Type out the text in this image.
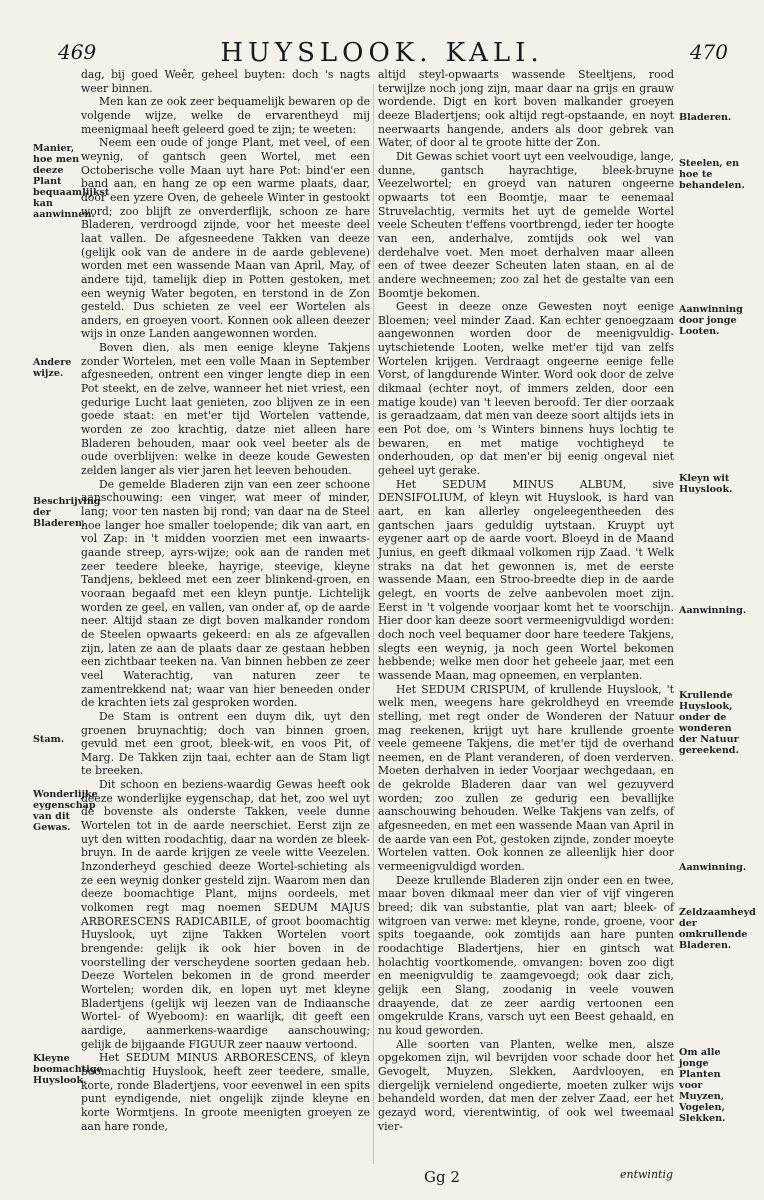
469	HUYSLOOK. KALI.	470
Manier, hoe men deeze Plant bequaamlijkst kan aanwinnen.
Andere wijze.
Beschrijving der Bladeren.
Stam.
Wonderlijke eygenschap van dit Gewas.
Kleyne boomachtige Huyslook.
Bladeren.
Steelen, en hoe te behandelen.
Aanwinning door jonge Looten.
Kleyn wit Huyslook.
Aanwinning.
Krullende Huyslook, onder de wonderen der Natuur gereekend.
Aanwinning.
Zeldzaamheyd der omkrullende Bladeren.
Om alle jonge Planten voor Muyzen, Vogelen, Slekken.

dag, bij goed Weêr, geheel buyten: doch 's nagts weer binnen.

Men kan ze ook zeer bequamelijk bewaren op de volgende wijze, welke de ervarentheyd mij meenigmaal heeft geleerd goed te zijn; te weeten:

Neem een oude of jonge Plant, met veel, of een weynig, of gantsch geen Wortel, met een Octoberische volle Maan uyt hare Pot: bind'er een band aan, en hang ze op een warme plaats, daar, door een yzere Oven, de geheele Winter in gestookt word; zoo blijft ze onverderflijk, schoon ze hare Bladeren, verdroogd zijnde, voor het meeste deel laat vallen. De afgesneedene Takken van deeze (gelijk ook van de andere in de aarde geblevene) worden met een wassende Maan van April, May, of andere tijd, tamelijk diep in Potten gestoken, met een weynig Water begoten, en terstond in de Zon gesteld. Dus schieten ze veel eer Wortelen als anders, en groeyen voort. Konnen ook alleen deezer wijs in onze Landen aangewonnen worden.

Boven dien, als men eenige kleyne Takjens zonder Wortelen, met een volle Maan in September afgesneeden, ontrent een vinger lengte diep in een Pot steekt, en de zelve, wanneer het niet vriest, een gedurige Lucht laat genieten, zoo blijven ze in een goede staat: en met'er tijd Wortelen vattende, worden ze zoo krachtig, datze niet alleen hare Bladeren behouden, maar ook veel beeter als de oude overblijven: welke in deeze koude Gewesten zelden langer als vier jaren het leeven behouden.

De gemelde Bladeren zijn van een zeer schoone aanschouwing: een vinger, wat meer of minder, lang; voor ten nasten bij rond; van daar na de Steel hoe langer hoe smaller toelopende; dik van aart, en vol Zap: in 't midden voorzien met een inwaarts-gaande streep, ayrs-wijze; ook aan de randen met zeer teedere bleeke, hayrige, steevige, kleyne Tandjens, bekleed met een zeer blinkend-groen, en vooraan begaafd met een kleyn puntje. Lichtelijk worden ze geel, en vallen, van onder af, op de aarde neer. Altijd staan ze digt boven malkander rondom de Steelen opwaarts gekeerd: en als ze afgevallen zijn, laten ze aan de plaats daar ze gestaan hebben een zichtbaar teeken na. Van binnen hebben ze zeer veel Waterachtig, van naturen zeer te zamentrekkend nat; waar van hier beneeden onder de krachten iets zal gesproken worden.

De Stam is ontrent een duym dik, uyt den groenen bruynachtig; doch van binnen groen, gevuld met een groot, bleek-wit, en voos Pit, of Marg. De Takken zijn taai, echter aan de Stam ligt te breeken.

Dit schoon en beziens-waardig Gewas heeft ook deeze wonderlijke eygenschap, dat het, zoo wel uyt de bovenste als onderste Takken, veele dunne Wortelen tot in de aarde neerschiet. Eerst zijn ze uyt den witten roodachtig, daar na worden ze bleek-bruyn. In de aarde krijgen ze veele witte Veezelen. Inzonderheyd geschied deeze Wortel-schieting als ze een weynig donker gesteld zijn. Waarom men dan deeze boomachtige Plant, mijns oordeels, met volkomen regt mag noemen SEDUM MAJUS ARBORESCENS RADICABILE, of groot boomachtig Huyslook, uyt zijne Takken Wortelen voort brengende: gelijk ik ook hier boven in de voorstelling der verscheydene soorten gedaan heb. Deeze Wortelen bekomen in de grond meerder Wortelen; worden dik, en lopen uyt met kleyne Bladertjens (gelijk wij leezen van de Indiaansche Wortel- of Wyeboom): en waarlijk, dit geeft een aardige, aanmerkens-waardige aanschouwing; gelijk de bijgaande FIGUUR zeer naauw vertoond.

Het SEDUM MINUS ARBORESCENS, of kleyn boomachtig Huyslook, heeft zeer teedere, smalle, korte, ronde Bladertjens, voor eevenwel in een spits punt eyndigende, niet ongelijk zijnde kleyne en korte Wormtjens. In groote meenigten groeyen ze aan hare ronde,

altijd steyl-opwaarts wassende Steeltjens, rood terwijlze noch jong zijn, maar daar na grijs en grauw wordende. Digt en kort boven malkander groeyen deeze Bladertjens; ook altijd regt-opstaande, en noyt neerwaarts hangende, anders als door gebrek van Water, of door al te groote hitte der Zon.

Dit Gewas schiet voort uyt een veelvoudige, lange, dunne, gantsch hayrachtige, bleek-bruyne Veezelwortel; en groeyd van naturen ongeerne opwaarts tot een Boomtje, maar te eenemaal Struvelachtig, vermits het uyt de gemelde Wortel veele Scheuten t'effens voortbrengd, ieder ter hoogte van een, anderhalve, zomtijds ook wel van derdehalve voet. Men moet derhalven maar alleen een of twee deezer Scheuten laten staan, en al de andere wechneemen; zoo zal het de gestalte van een Boomtje bekomen.

Geest in deeze onze Gewesten noyt eenige Bloemen; veel minder Zaad. Kan echter genoegzaam aangewonnen worden door de meenigvuldig-uytschietende Looten, welke met'er tijd van zelfs Wortelen krijgen. Verdraagt ongeerne eenige felle Vorst, of langdurende Winter. Word ook door de zelve dikmaal (echter noyt, of immers zelden, door een matige koude) van 't leeven beroofd. Ter dier oorzaak is geraadzaam, dat men van deeze soort altijds iets in een Pot doe, om 's Winters binnens huys lochtig te bewaren, en met matige vochtigheyd te onderhouden, op dat men'er bij eenig ongeval niet geheel uyt gerake.

Het SEDUM MINUS ALBUM, sive DENSIFOLIUM, of kleyn wit Huyslook, is hard van aart, en kan allerley ongeleegentheeden des gantschen jaars geduldig uytstaan. Kruypt uyt eygener aart op de aarde voort. Bloeyd in de Maand Junius, en geeft dikmaal volkomen rijp Zaad. 't Welk straks na dat het gewonnen is, met de eerste wassende Maan, een Stroo-breedte diep in de aarde gelegt, en voorts de zelve aanbevolen moet zijn. Eerst in 't volgende voorjaar komt het te voorschijn. Hier door kan deeze soort vermeenigvuldigd worden: doch noch veel bequamer door hare teedere Takjens, slegts een weynig, ja noch geen Wortel bekomen hebbende; welke men door het geheele jaar, met een wassende Maan, mag opneemen, en verplanten.

Het SEDUM CRISPUM, of krullende Huyslook, 't welk men, weegens hare gekroldheyd en vreemde stelling, met regt onder de Wonderen der Natuur mag reekenen, krijgt uyt hare krullende groente veele gemeene Takjens, die met'er tijd de overhand neemen, en de Plant veranderen, of doen verderven. Moeten derhalven in ieder Voorjaar wechgedaan, en de gekrolde Bladeren daar van wel gezuyverd worden; zoo zullen ze gedurig een bevallijke aanschouwing behouden. Welke Takjens van zelfs, of afgesneeden, en met een wassende Maan van April in de aarde van een Pot, gestoken zijnde, zonder moeyte Wortelen vatten. Ook konnen ze alleenlijk hier door vermeenigvuldigd worden.

Deeze krullende Bladeren zijn onder een en twee, maar boven dikmaal meer dan vier of vijf vingeren breed; dik van substantie, plat van aart; bleek- of witgroen van verwe: met kleyne, ronde, groene, voor spits toegaande, ook zomtijds aan hare punten roodachtige Bladertjens, hier en gintsch wat holachtig voortkomende, omvangen: boven zoo digt en meenigvuldig te zaamgevoegd; ook daar zich, gelijk een Slang, zoodanig in veele vouwen draayende, dat ze zeer aardig vertoonen een omgekrulde Krans, varsch uyt een Beest gehaald, en nu koud geworden.

Alle soorten van Planten, welke men, alsze opgekomen zijn, wil bevrijden voor schade door het Gevogelt, Muyzen, Slekken, Aardvlooyen, en diergelijk vernielend ongedierte, moeten zulker wijs behandeld worden, dat men der zelver Zaad, eer het gezayd word, vierentwintig, of ook wel tweemaal vier-

Gg 2	entwintig
